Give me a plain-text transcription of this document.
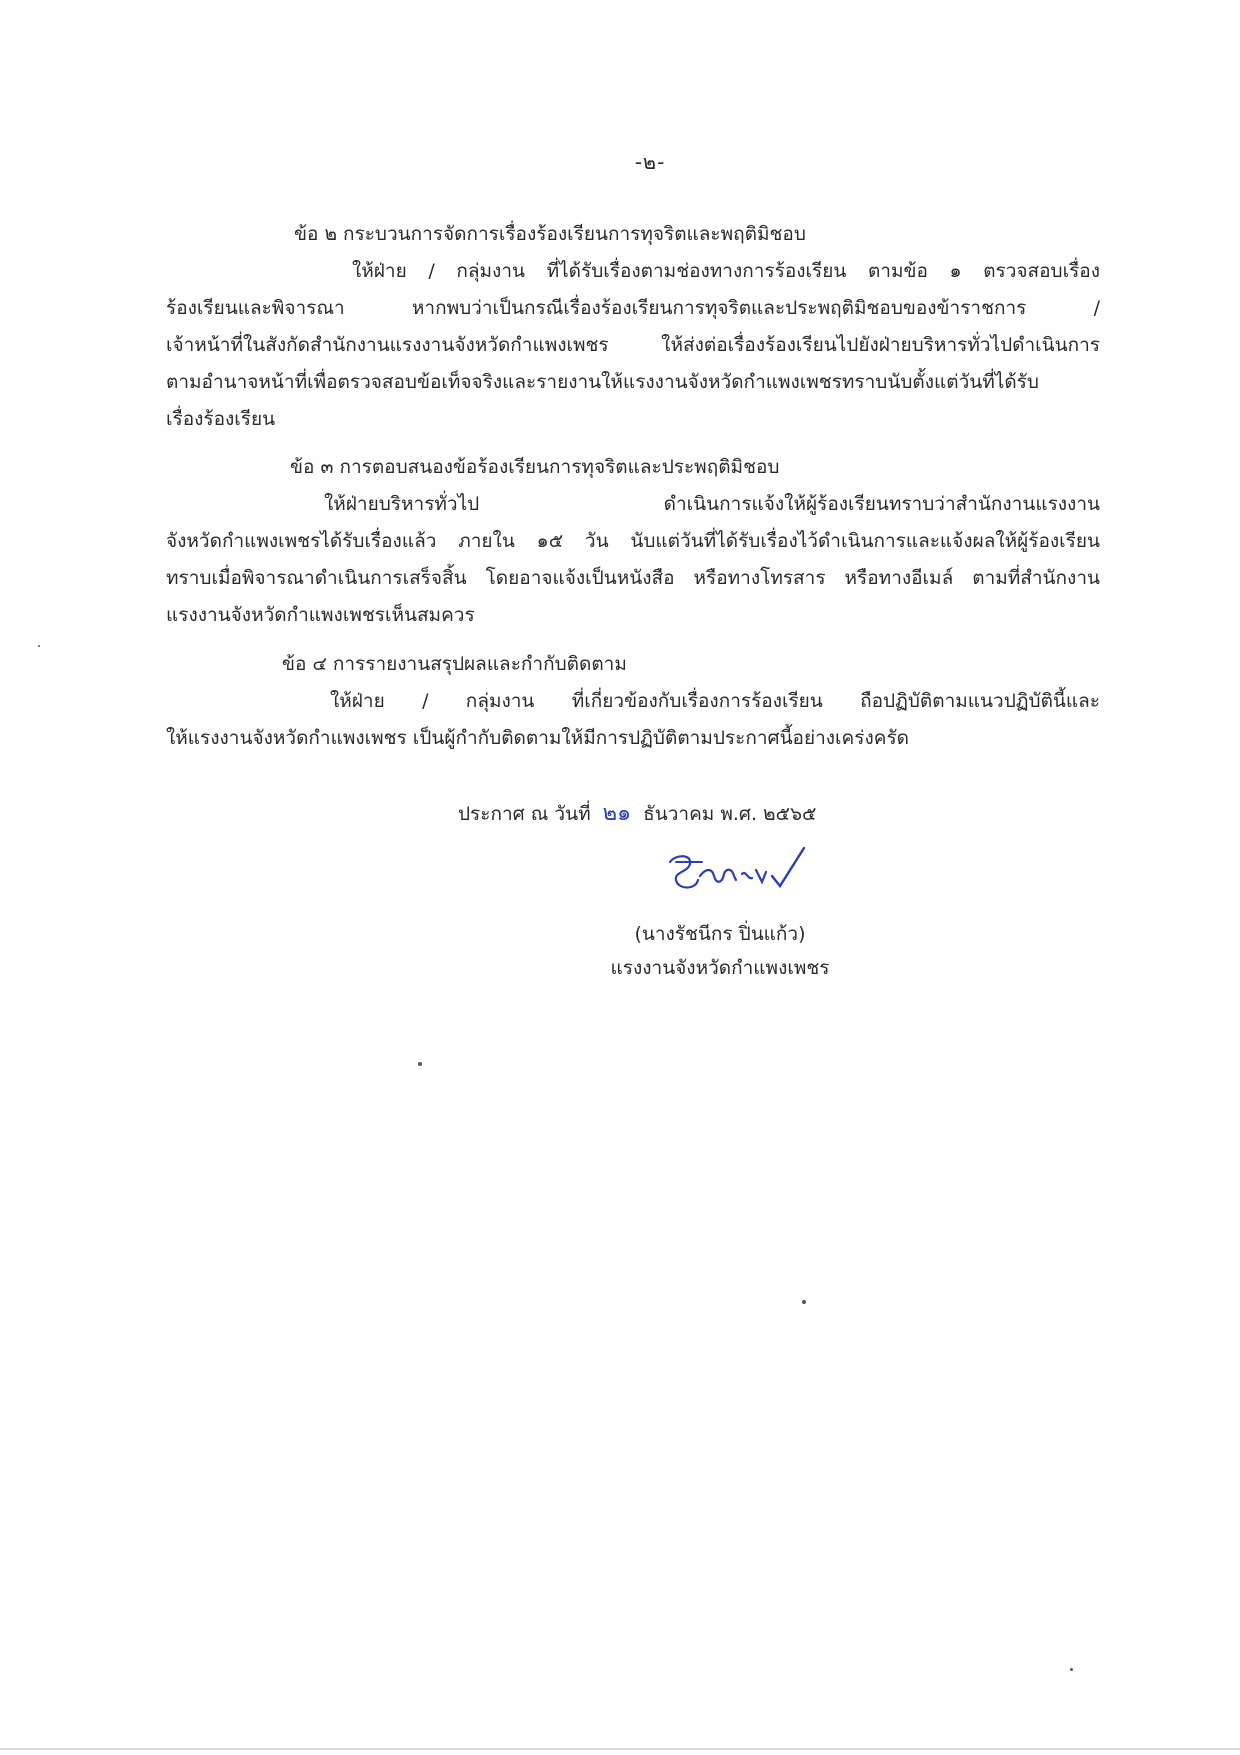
-๒-
ข้อ ๒ กระบวนการจัดการเรื่องร้องเรียนการทุจริตและพฤติมิชอบ
ให้ฝ่าย / กลุ่มงาน ที่ได้รับเรื่องตามช่องทางการร้องเรียน ตามข้อ ๑ ตรวจสอบเรื่อง
ร้องเรียนและพิจารณา หากพบว่าเป็นกรณีเรื่องร้องเรียนการทุจริตและประพฤติมิชอบของข้าราชการ /
เจ้าหน้าที่ในสังกัดสำนักงานแรงงานจังหวัดกำแพงเพชร ให้ส่งต่อเรื่องร้องเรียนไปยังฝ่ายบริหารทั่วไปดำเนินการ
ตามอำนาจหน้าที่เพื่อตรวจสอบข้อเท็จจริงและรายงานให้แรงงานจังหวัดกำแพงเพชรทราบนับตั้งแต่วันที่ได้รับ
เรื่องร้องเรียน
ข้อ ๓ การตอบสนองข้อร้องเรียนการทุจริตและประพฤติมิชอบ
ให้ฝ่ายบริหารทั่วไป ดำเนินการแจ้งให้ผู้ร้องเรียนทราบว่าสำนักงานแรงงาน
จังหวัดกำแพงเพชรได้รับเรื่องแล้ว ภายใน ๑๕ วัน นับแต่วันที่ได้รับเรื่องไว้ดำเนินการและแจ้งผลให้ผู้ร้องเรียน
ทราบเมื่อพิจารณาดำเนินการเสร็จสิ้น โดยอาจแจ้งเป็นหนังสือ หรือทางโทรสาร หรือทางอีเมล์ ตามที่สำนักงาน
แรงงานจังหวัดกำแพงเพชรเห็นสมควร
ข้อ ๔ การรายงานสรุปผลและกำกับติดตาม
ให้ฝ่าย / กลุ่มงาน ที่เกี่ยวข้องกับเรื่องการร้องเรียน ถือปฏิบัติตามแนวปฏิบัตินี้และ
ให้แรงงานจังหวัดกำแพงเพชร เป็นผู้กำกับติดตามให้มีการปฏิบัติตามประกาศนี้อย่างเคร่งครัด
ประกาศ ณ วันที่ ๒๑ ธันวาคม พ.ศ. ๒๕๖๕
(นางรัชนีกร ปิ่นแก้ว)
แรงงานจังหวัดกำแพงเพชร
